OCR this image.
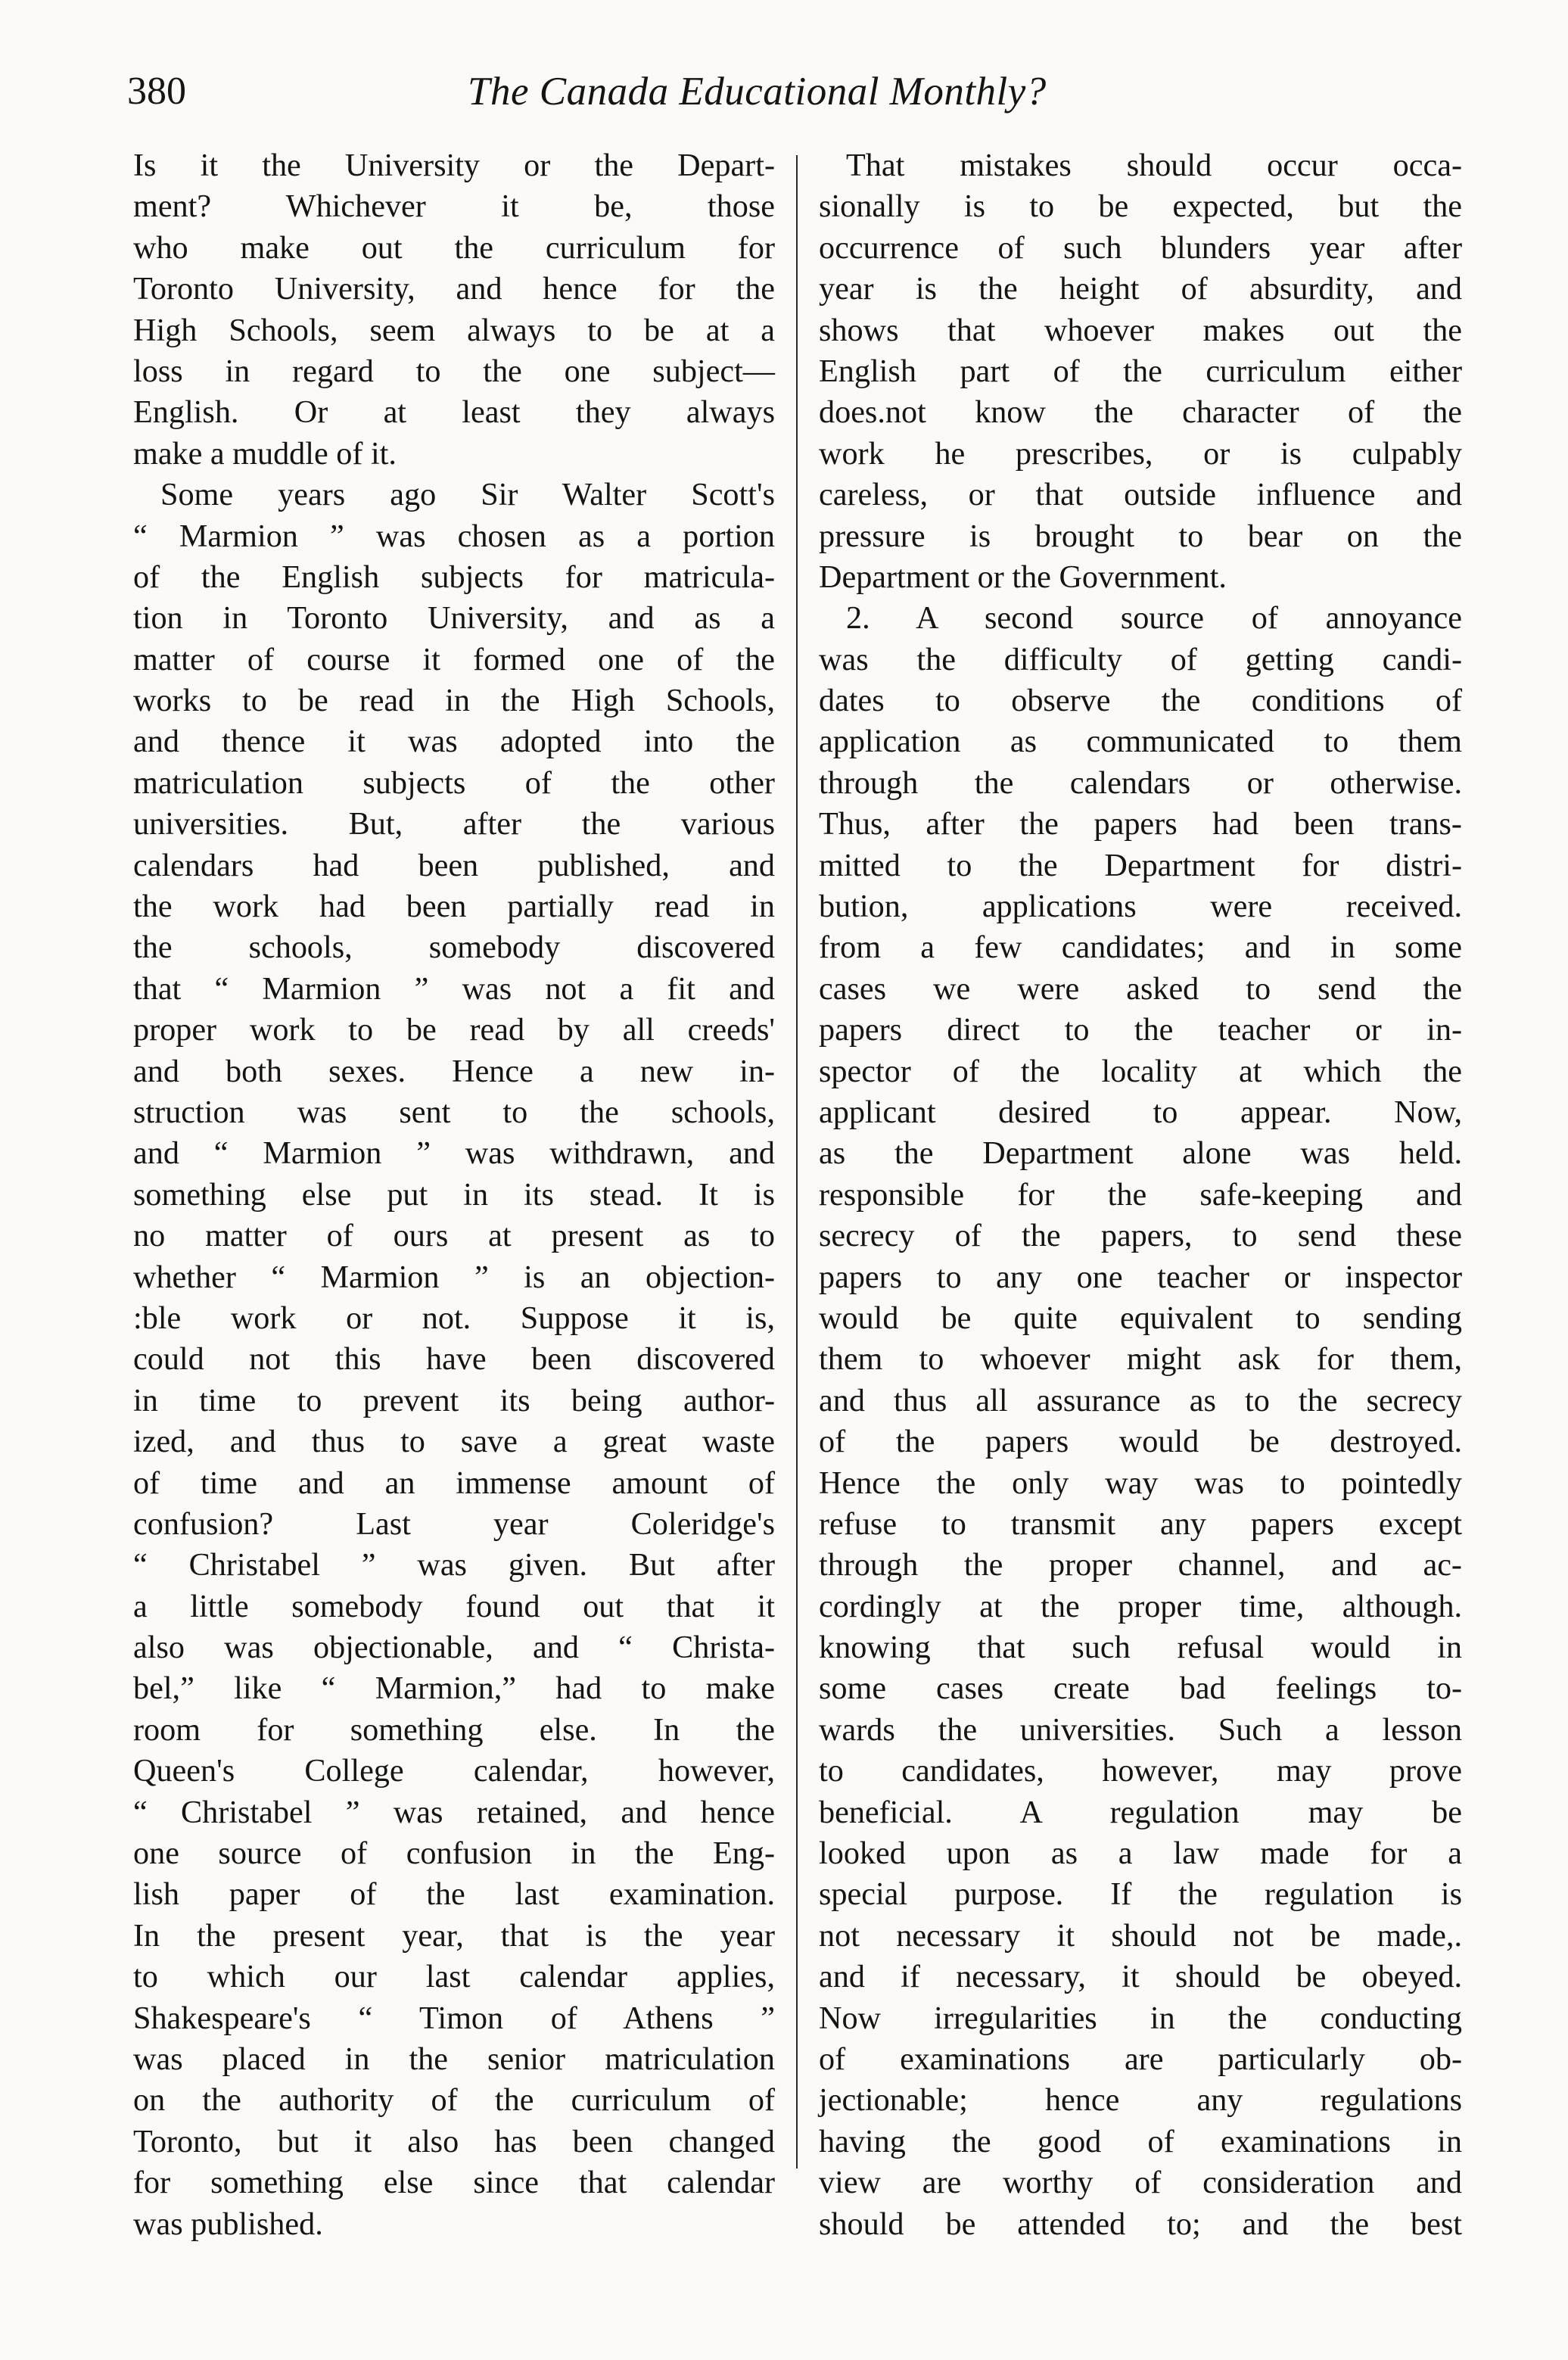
380	The Canada Educational Monthly?
Is it the University or the Depart-
ment? Whichever it be, those
who make out the curriculum for
Toronto University, and hence for the
High Schools, seem always to be at a
loss in regard to the one subject—
English. Or at least they always
make a muddle of it.
Some years ago Sir Walter Scott's
“ Marmion ” was chosen as a portion
of the English subjects for matricula-
tion in Toronto University, and as a
matter of course it formed one of the
works to be read in the High Schools,
and thence it was adopted into the
matriculation subjects of the other
universities. But, after the various
calendars had been published, and
the work ha⁠d been partially read in
the schools, somebody discovered
that “ Marmion ” was not a fit and
proper work to be read by all creeds'
and both sexes. Hence a new in-
struction was sent to the schools,
and “ Marmion ” was withdrawn, and
something else put in its stead. It is
no matter of ours at present as to
whether “ Marmion ” is an objection-
:ble work or not. Suppose it is,
could not this have been discovered
in time to prevent its being author-
ized, and thus to save a great waste
of time and an immense amount of
confusion? Last year Coleridge's
“ Christabel ” was given. But after
a little somebody found out that it
also was objectionable, and “ Christa-
bel,” like “ Marmion,” had to make
room for something else. In the
Queen's College calendar, however,
“ Christabel ” was retained, and hence
one source of confusion in the Eng-
lish paper of the last examination.
In the present year, that is the year
to which our last calendar applies,
Shakespeare's “ Timon of Athens ”
was placed in the senior matriculation
on the authority of the curriculum of
Toronto, but it also has been changed
for something else since that calendar
was published.
That mistakes should occur occa-
sionally is to be expected, but the
occurrence of such blunders year after
year is the height of absurdity, and
shows that whoever makes out the
English part of the curriculum either
does.not know the character of the
work he prescribes, or is culpably
careless, or that outside influence and
pressure is brought to bear on the
Department or the Government.
2. A second source of annoyance
was the difficulty of getting candi-
dates to observe the conditions of
application as communicated to them
through the calendars or otherwise.
Thus, after the papers had been trans-
mitted to the Department for distri-
bution, applications were received.
from a few candidates; and in some
cases we were asked to send the
papers direct to the teacher or in-
spector of the locality at which the
applicant desired to appear. Now,
as the Department alone was held.
responsible for the safe-keeping and
secrecy of the papers, to send these
papers to any one teacher or inspector
would be quite equivalent to sending
them to whoever might ask for them,
and thus all assurance as to the secrecy
of the papers would be destroyed.
Hence the only way was to pointedly
refuse to transmit any papers except
through the proper channel, and ac-
cordingly at the proper time, although.
knowing that such refusal would in
some cases create bad feelings to-
wards the universities. Such a lesson
to candidates, however, may prove
beneficial. A regulation may be
looked upon as a law made for a
special purpose. If the regulation is
not necessary it should not be made,.
and if necessary, it should be obeyed.
Now irregularities in the conducting
of examinations are particularly ob-
jectionable; hence any regulations
having the good of examinations in
view are worthy of consideration and
should be attended to; and the best
